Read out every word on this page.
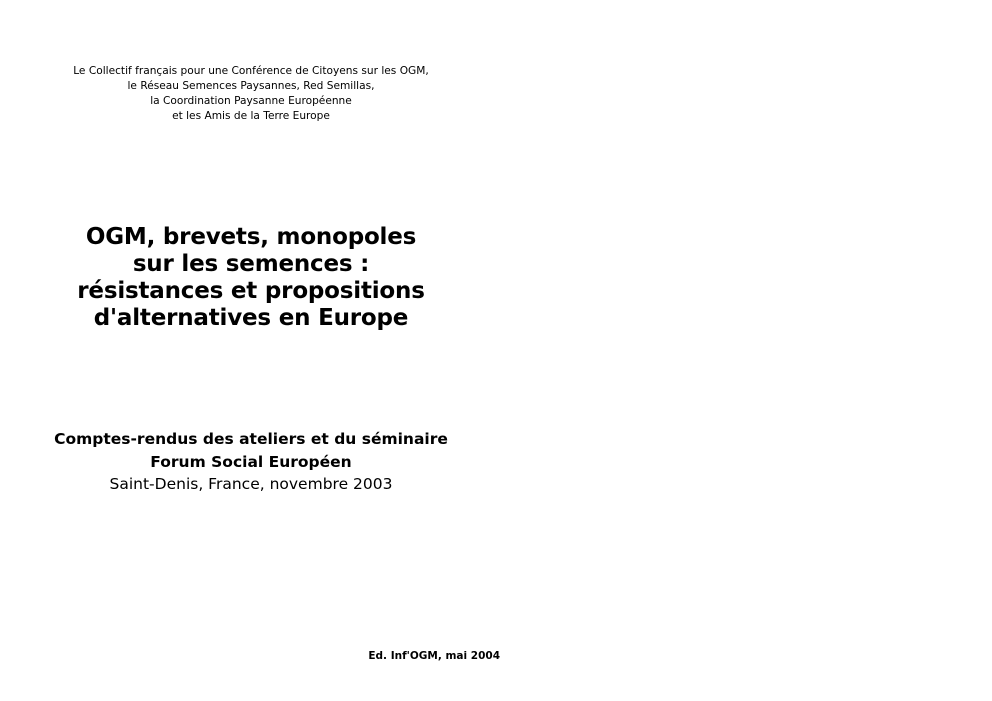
Le Collectif français pour une Conférence de Citoyens sur les OGM,
le Réseau Semences Paysannes, Red Semillas,
la Coordination Paysanne Européenne
et les Amis de la Terre Europe
OGM, brevets, monopoles
sur les semences :
résistances et propositions
d'alternatives en Europe
Comptes-rendus des ateliers et du séminaire
Forum Social Européen
Saint-Denis, France, novembre 2003
Ed. Inf'OGM, mai 2004
